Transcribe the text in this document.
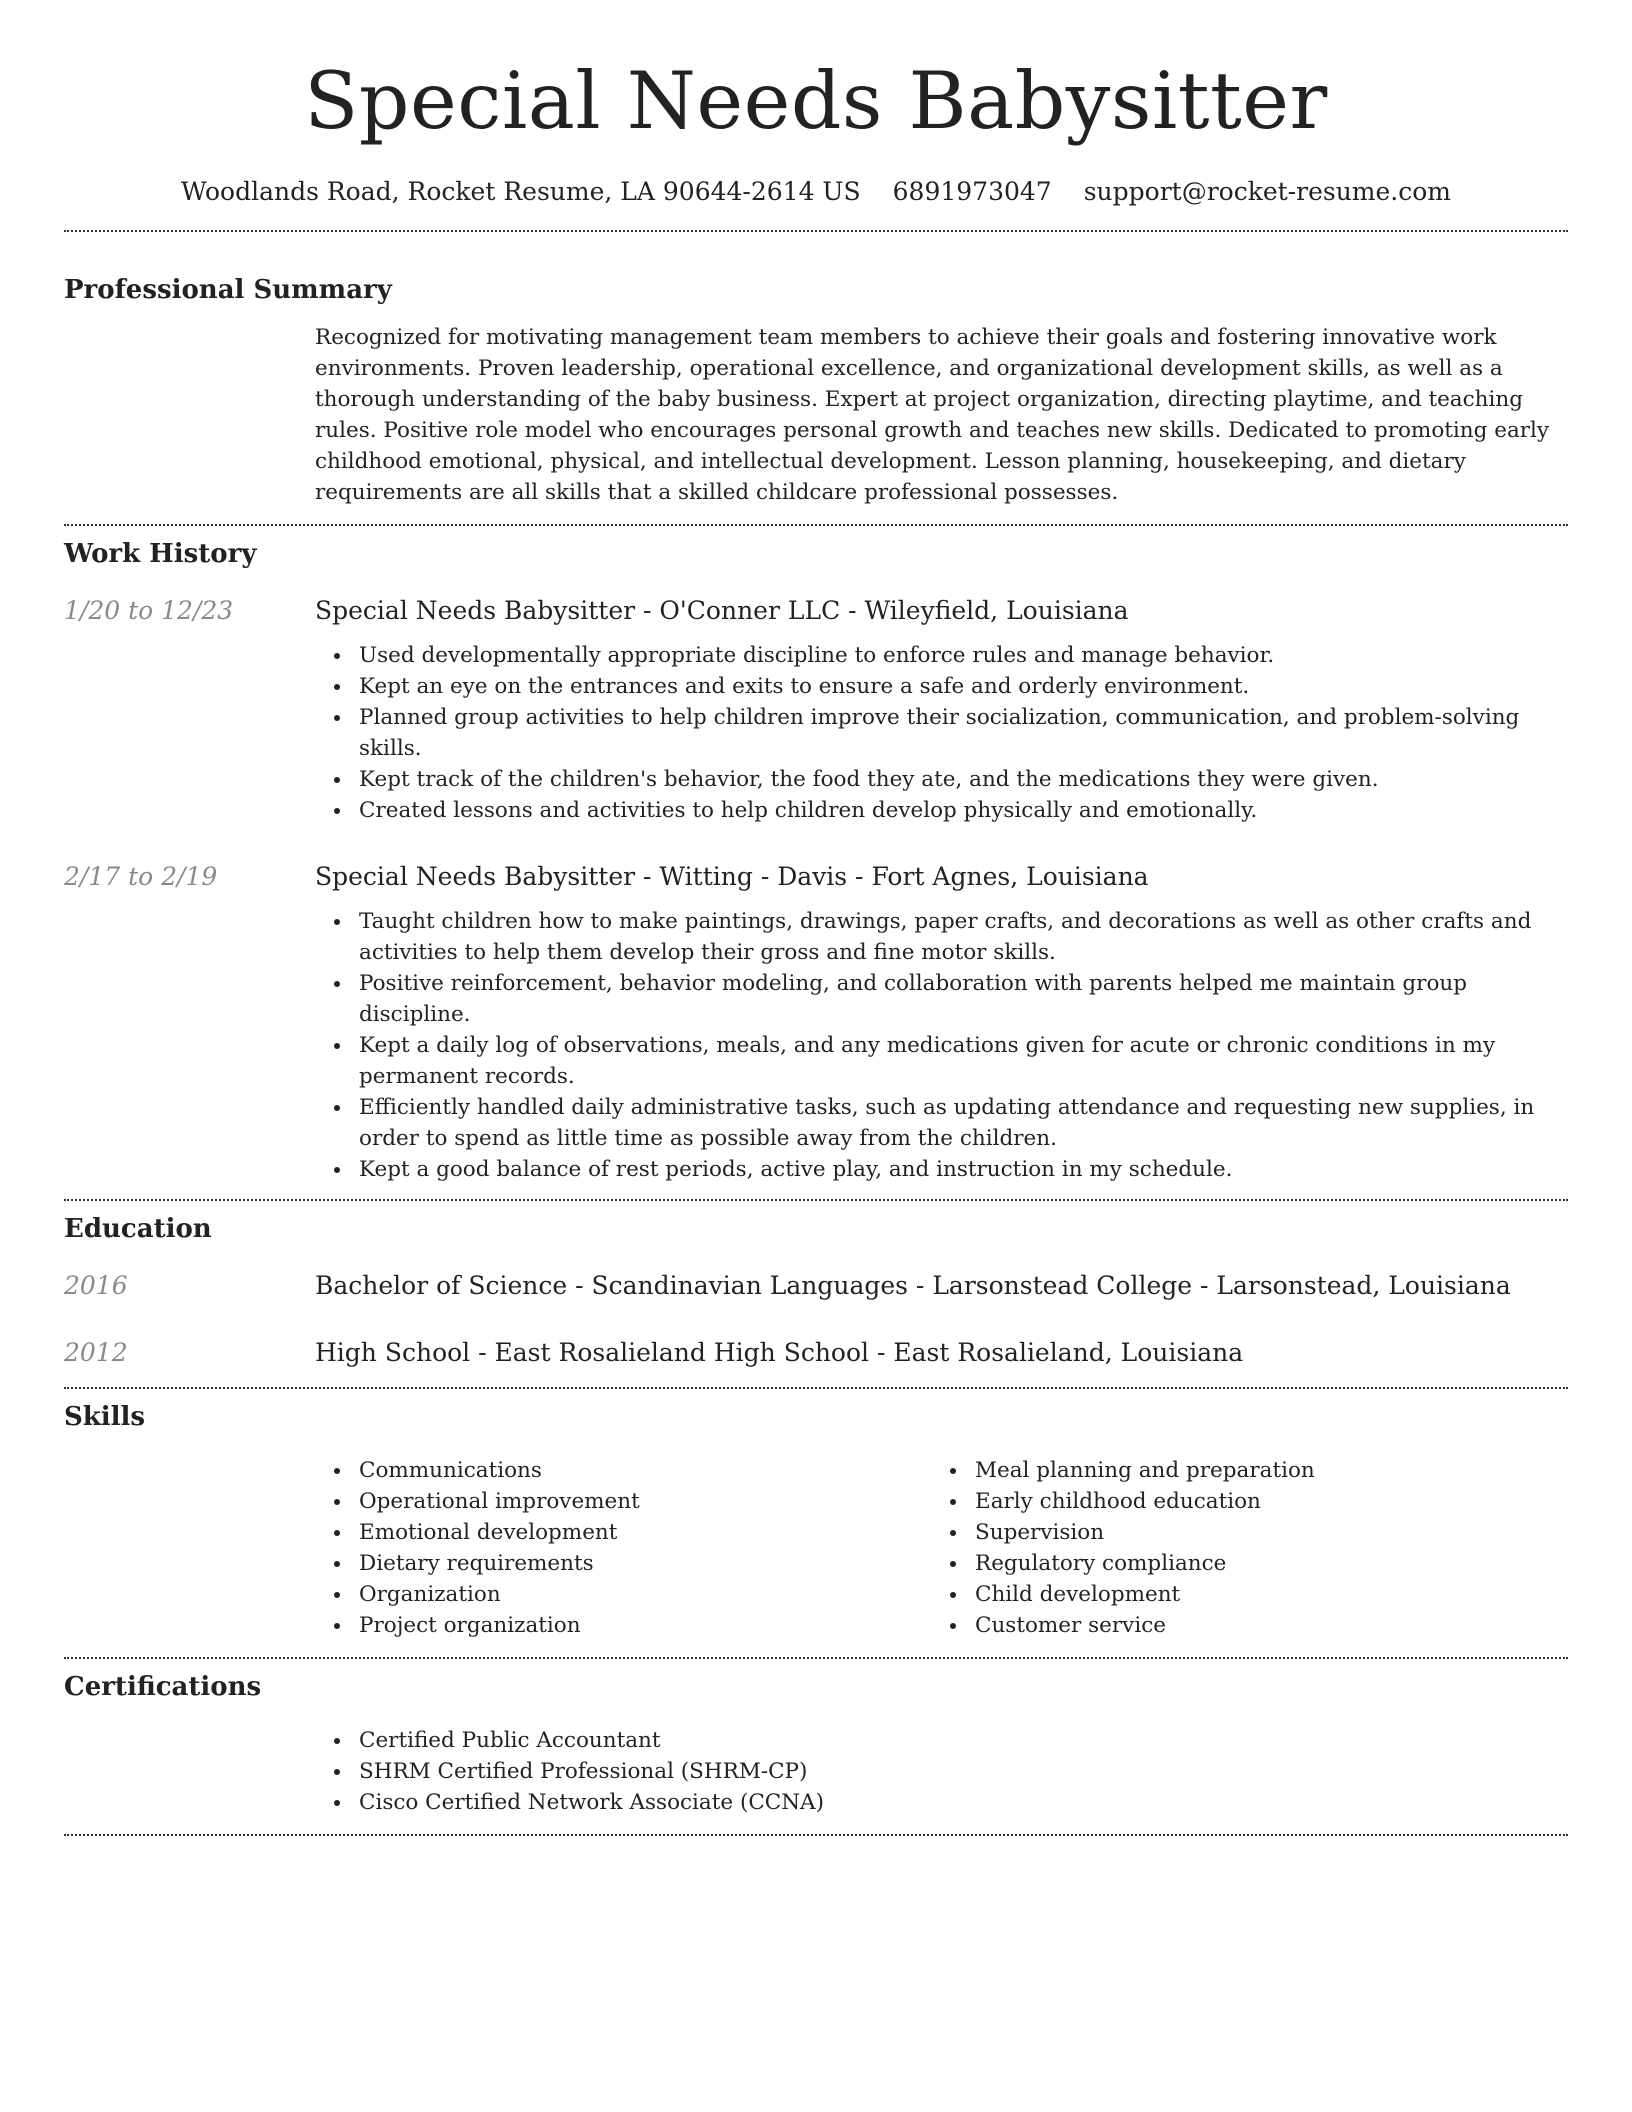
Special Needs Babysitter
Woodlands Road, Rocket Resume, LA 90644-2614 US 6891973047 support@rocket-resume.com
Professional Summary
Recognized for motivating management team members to achieve their goals and fostering innovative work environments. Proven leadership, operational excellence, and organizational development skills, as well as a thorough understanding of the baby business. Expert at project organization, directing playtime, and teaching rules. Positive role model who encourages personal growth and teaches new skills. Dedicated to promoting early childhood emotional, physical, and intellectual development. Lesson planning, housekeeping, and dietary requirements are all skills that a skilled childcare professional possesses.
Work History
1/20 to 12/23	Special Needs Babysitter - O'Conner LLC - Wileyfield, Louisiana
Used developmentally appropriate discipline to enforce rules and manage behavior.
Kept an eye on the entrances and exits to ensure a safe and orderly environment.
Planned group activities to help children improve their socialization, communication, and problem-solving skills.
Kept track of the children's behavior, the food they ate, and the medications they were given.
Created lessons and activities to help children develop physically and emotionally.
2/17 to 2/19	Special Needs Babysitter - Witting - Davis - Fort Agnes, Louisiana
Taught children how to make paintings, drawings, paper crafts, and decorations as well as other crafts and activities to help them develop their gross and fine motor skills.
Positive reinforcement, behavior modeling, and collaboration with parents helped me maintain group discipline.
Kept a daily log of observations, meals, and any medications given for acute or chronic conditions in my permanent records.
Efficiently handled daily administrative tasks, such as updating attendance and requesting new supplies, in order to spend as little time as possible away from the children.
Kept a good balance of rest periods, active play, and instruction in my schedule.
Education
2016	Bachelor of Science - Scandinavian Languages - Larsonstead College - Larsonstead, Louisiana
2012	High School - East Rosalieland High School - East Rosalieland, Louisiana
Skills
Communications
Operational improvement
Emotional development
Dietary requirements
Organization
Project organization
Meal planning and preparation
Early childhood education
Supervision
Regulatory compliance
Child development
Customer service
Certifications
Certified Public Accountant
SHRM Certified Professional (SHRM-CP)
Cisco Certified Network Associate (CCNA)
